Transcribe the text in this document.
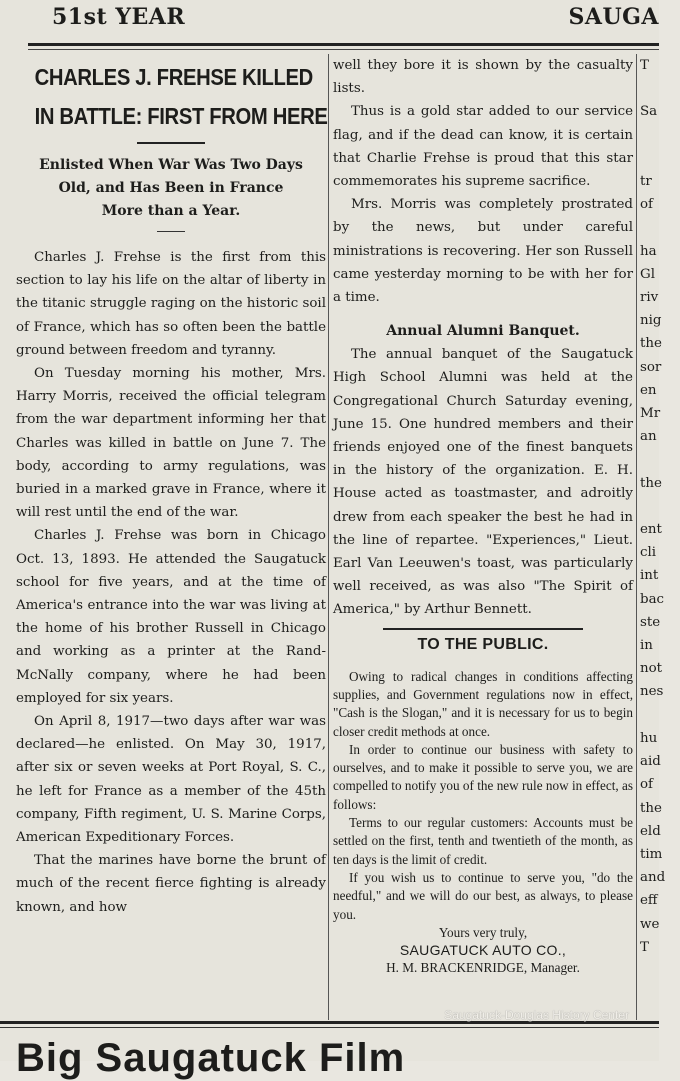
51st YEAR	SAUGA
CHARLES J. FREHSE KILLED
IN BATTLE: FIRST FROM HERE
Enlisted When War Was Two Days
Old, and Has Been in France
More than a Year.

Charles J. Frehse is the first from this section to lay his life on the altar of liberty in the titanic struggle raging on the historic soil of France, which has so often been the battle ground between freedom and tyranny.

On Tuesday morning his mother, Mrs. Harry Morris, received the official telegram from the war department informing her that Charles was killed in battle on June 7. The body, according to army regulations, was buried in a marked grave in France, where it will rest until the end of the war.

Charles J. Frehse was born in Chicago Oct. 13, 1893. He attended the Saugatuck school for five years, and at the time of America's entrance into the war was living at the home of his brother Russell in Chicago and working as a printer at the Rand-McNally company, where he had been employed for six years.

On April 8, 1917—two days after war was declared—he enlisted. On May 30, 1917, after six or seven weeks at Port Royal, S. C., he left for France as a member of the 45th company, Fifth regiment, U. S. Marine Corps, American Expeditionary Forces.

That the marines have borne the brunt of much of the recent fierce fighting is already known, and how

well they bore it is shown by the casualty lists.

Thus is a gold star added to our service flag, and if the dead can know, it is certain that Charlie Frehse is proud that this star commemorates his supreme sacrifice.

Mrs. Morris was completely prostrated by the news, but under careful ministrations is recovering. Her son Russell came yesterday morning to be with her for a time.

Annual Alumni Banquet.

The annual banquet of the Saugatuck High School Alumni was held at the Congregational Church Saturday evening, June 15. One hundred members and their friends enjoyed one of the finest banquets in the history of the organization. E. H. House acted as toastmaster, and adroitly drew from each speaker the best he had in the line of repartee. "Experiences," Lieut. Earl Van Leeuwen's toast, was particularly well received, as was also "The Spirit of America," by Arthur Bennett.

TO THE PUBLIC.

Owing to radical changes in conditions affecting supplies, and Government regulations now in effect, "Cash is the Slogan," and it is necessary for us to begin closer credit methods at once.

In order to continue our business with safety to ourselves, and to make it possible to serve you, we are compelled to notify you of the new rule now in effect, as follows:

Terms to our regular customers: Accounts must be settled on the first, tenth and twentieth of the month, as ten days is the limit of credit.

If you wish us to continue to serve you, "do the needful," and we will do our best, as always, to please you.

Yours very truly,
SAUGATUCK AUTO CO.,
H. M. BRACKENRIDGE, Manager.
T

Sa

tr
of

ha
Gl
riv
nig
the
sor
en
Mr
an

the

ent
cli
int
bac
ste
in
not
nes

hu
aid
of
the
eld
tim
and
eff
we
T
Big Saugatuck Film
Saugatuck-Douglas History Center
